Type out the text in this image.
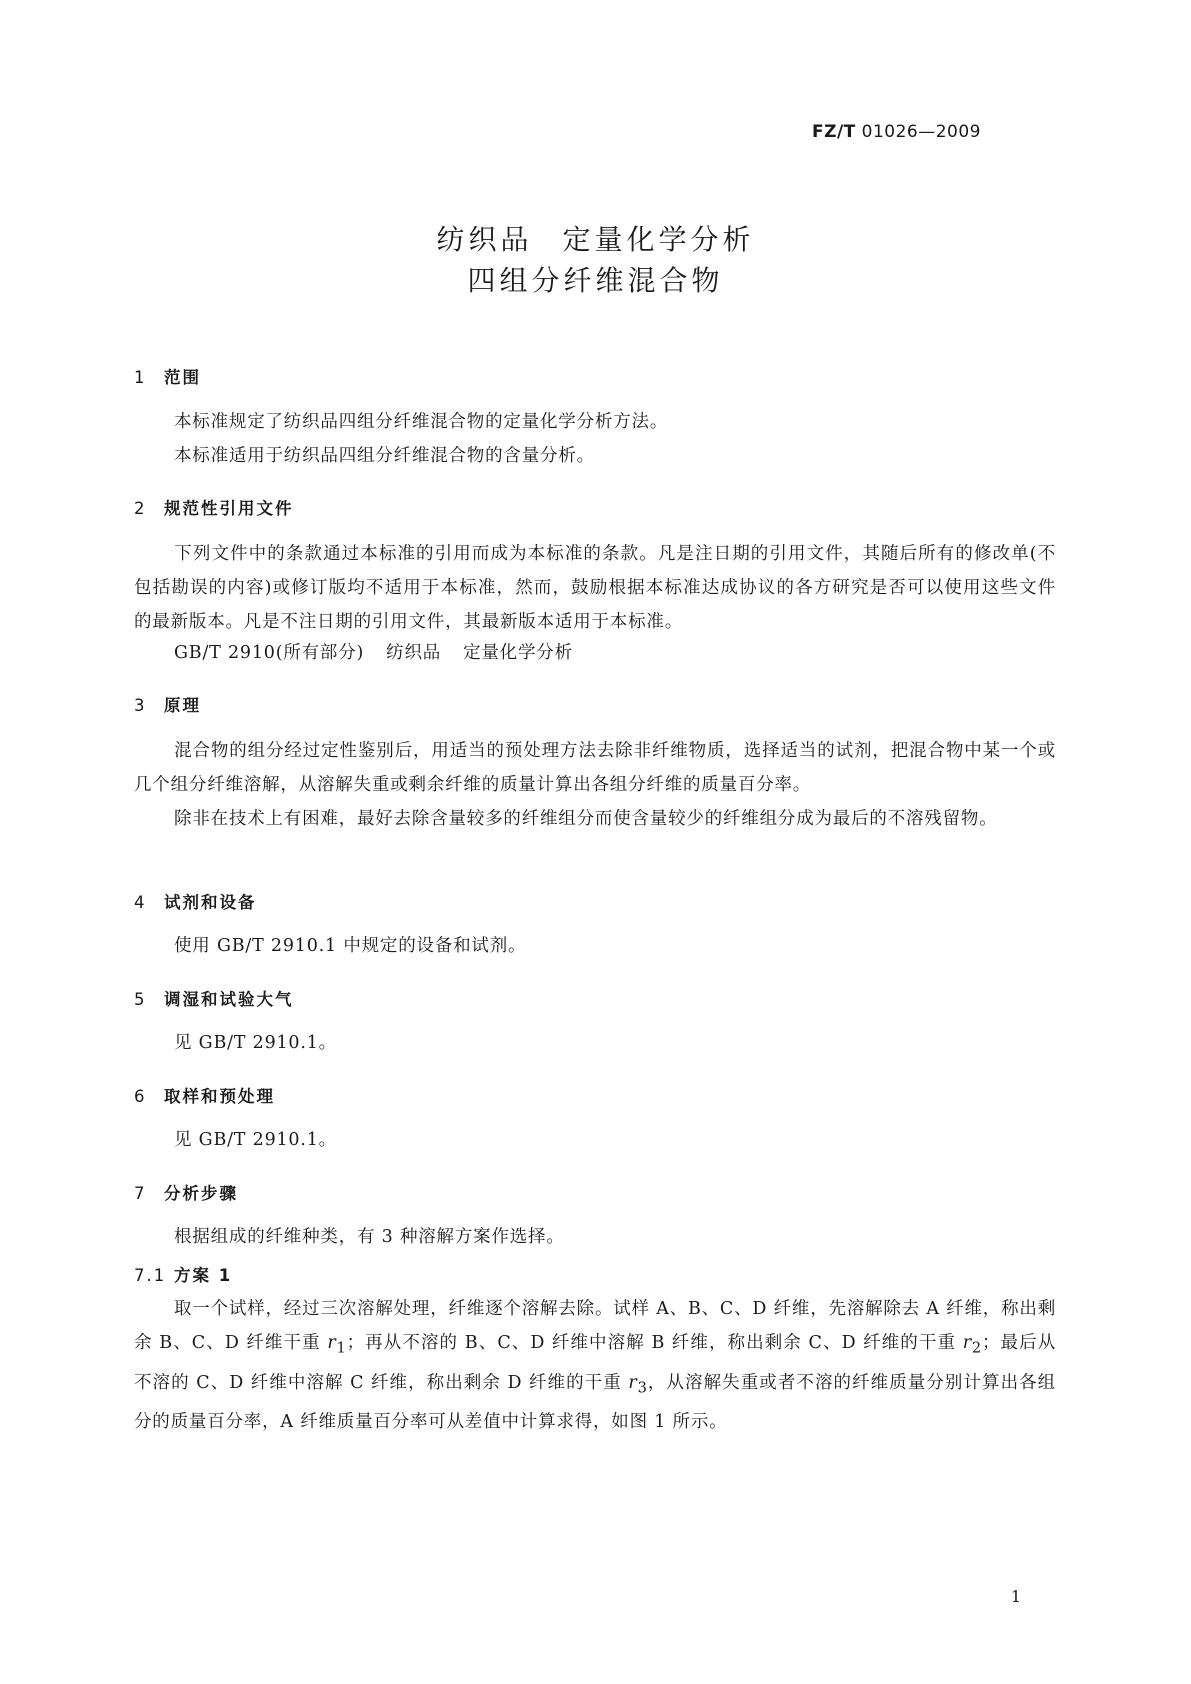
FZ/T 01026—2009
纺织品 定量化学分析
四组分纤维混合物
1 范围
本标准规定了纺织品四组分纤维混合物的定量化学分析方法。
本标准适用于纺织品四组分纤维混合物的含量分析。
2 规范性引用文件

下列文件中的条款通过本标准的引用而成为本标准的条款。凡是注日期的引用文件，其随后所有的修改单(不包括勘误的内容)或修订版均不适用于本标准，然而，鼓励根据本标准达成协议的各方研究是否可以使用这些文件的最新版本。凡是不注日期的引用文件，其最新版本适用于本标准。

GB/T 2910(所有部分) 纺织品 定量化学分析
3 原理

混合物的组分经过定性鉴别后，用适当的预处理方法去除非纤维物质，选择适当的试剂，把混合物中某一个或几个组分纤维溶解，从溶解失重或剩余纤维的质量计算出各组分纤维的质量百分率。

除非在技术上有困难，最好去除含量较多的纤维组分而使含量较少的纤维组分成为最后的不溶残留物。

4 试剂和设备
使用 GB/T 2910.1 中规定的设备和试剂。
5 调湿和试验大气
见 GB/T 2910.1。
6 取样和预处理
见 GB/T 2910.1。
7 分析步骤
根据组成的纤维种类，有 3 种溶解方案作选择。
7.1 方案 1

取一个试样，经过三次溶解处理，纤维逐个溶解去除。试样 A、B、C、D 纤维，先溶解除去 A 纤维，称出剩余 B、C、D 纤维干重 $r_1$；再从不溶的 B、C、D 纤维中溶解 B 纤维，称出剩余 C、D 纤维的干重 $r_2$；最后从不溶的 C、D 纤维中溶解 C 纤维，称出剩余 D 纤维的干重 $r_3$，从溶解失重或者不溶的纤维质量分别计算出各组分的质量百分率，A 纤维质量百分率可从差值中计算求得，如图 1 所示。

1
